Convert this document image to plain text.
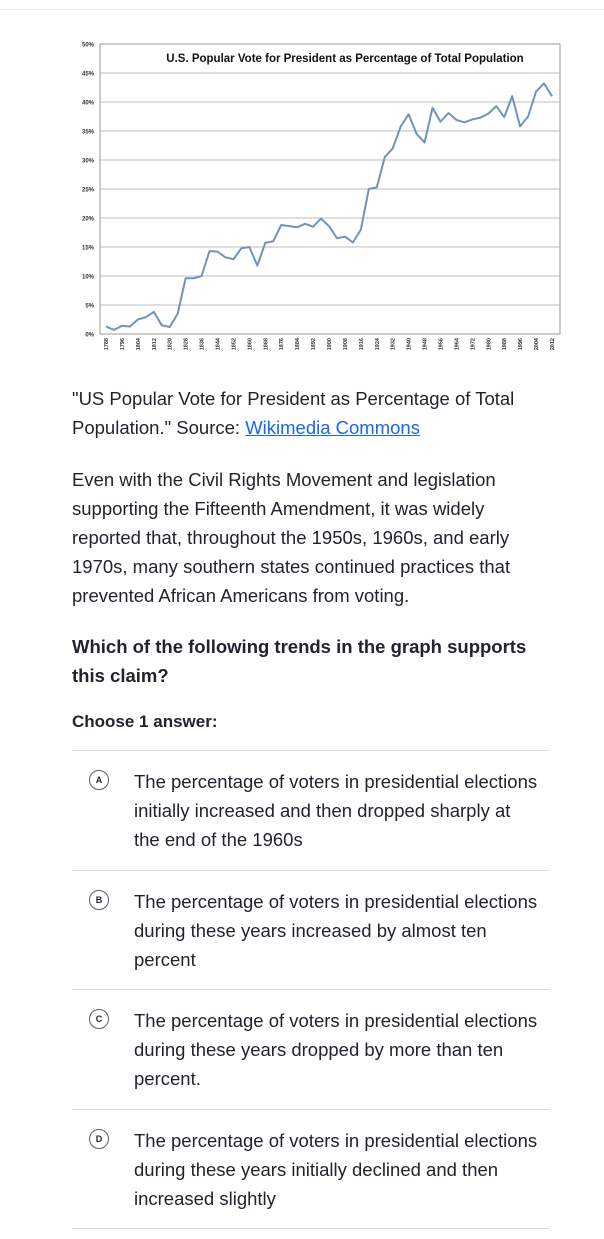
0%
5%
10%
15%
20%
25%
30%
35%
40%
45%
50%
1788 1796 1804 1812 1820 1828 1836 1844 1852 1860 1868 1876 1884 1892 1900 1908 1916 1924 1932 1940 1948 1956 1964 1972 1980 1988 1996 2004 2012
U.S. Popular Vote for President as Percentage of Total Population
"US Popular Vote for President as Percentage of Total Population." Source: Wikimedia Commons
Even with the Civil Rights Movement and legislation supporting the Fifteenth Amendment, it was widely reported that, throughout the 1950s, 1960s, and early 1970s, many southern states continued practices that prevented African Americans from voting.
Which of the following trends in the graph supports this claim?
Choose 1 answer:
A	The percentage of voters in presidential elections initially increased and then dropped sharply at the end of the 1960s
B	The percentage of voters in presidential elections during these years increased by almost ten percent
C	The percentage of voters in presidential elections during these years dropped by more than ten percent.
D	The percentage of voters in presidential elections during these years initially declined and then increased slightly
